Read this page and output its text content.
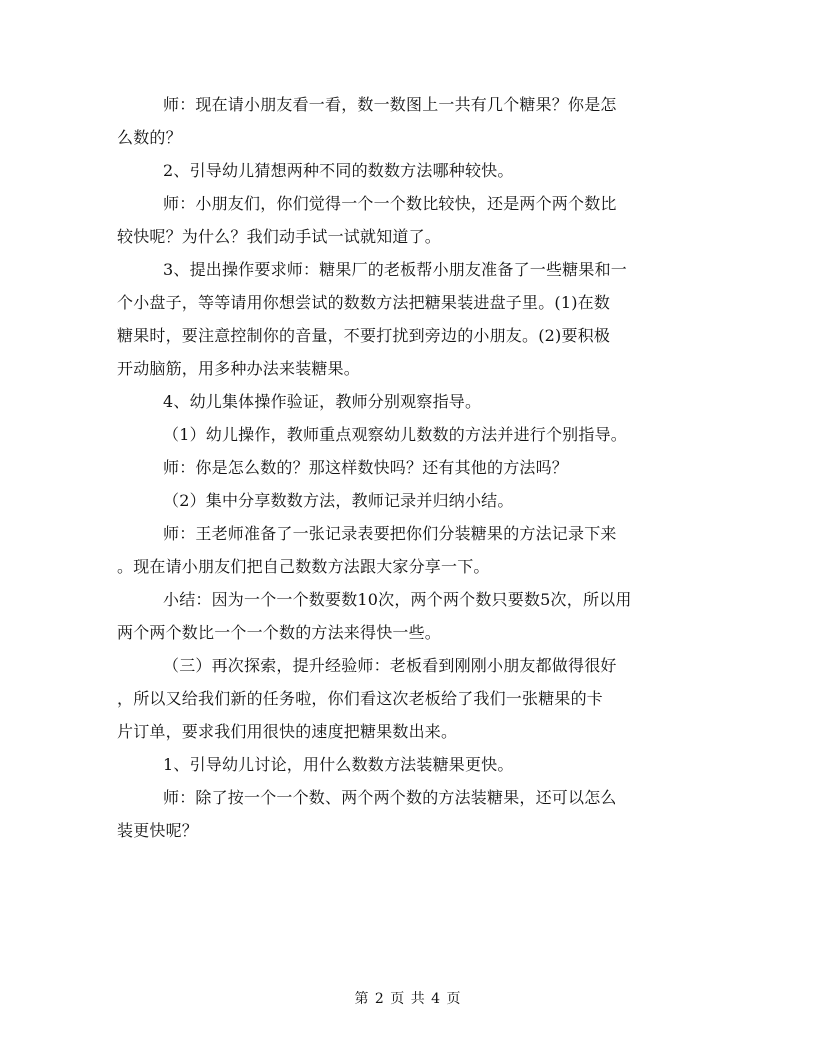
师：现在请小朋友看一看，数一数图上一共有几个糖果？你是怎
么数的？
2、引导幼儿猜想两种不同的数数方法哪种较快。
师：小朋友们，你们觉得一个一个数比较快，还是两个两个数比
较快呢？为什么？我们动手试一试就知道了。
3、提出操作要求师：糖果厂的老板帮小朋友准备了一些糖果和一
个小盘子，等等请用你想尝试的数数方法把糖果装进盘子里。(1)在数
糖果时，要注意控制你的音量，不要打扰到旁边的小朋友。(2)要积极
开动脑筋，用多种办法来装糖果。
4、幼儿集体操作验证，教师分别观察指导。
（1）幼儿操作，教师重点观察幼儿数数的方法并进行个别指导。
师：你是怎么数的？那这样数快吗？还有其他的方法吗？
（2）集中分享数数方法，教师记录并归纳小结。
师：王老师准备了一张记录表要把你们分装糖果的方法记录下来
。现在请小朋友们把自己数数方法跟大家分享一下。
小结：因为一个一个数要数10次，两个两个数只要数5次，所以用
两个两个数比一个一个数的方法来得快一些。
（三）再次探索，提升经验师：老板看到刚刚小朋友都做得很好
，所以又给我们新的任务啦，你们看这次老板给了我们一张糖果的卡
片订单，要求我们用很快的速度把糖果数出来。
1、引导幼儿讨论，用什么数数方法装糖果更快。
师：除了按一个一个数、两个两个数的方法装糖果，还可以怎么
装更快呢？
第 2 页 共 4 页
